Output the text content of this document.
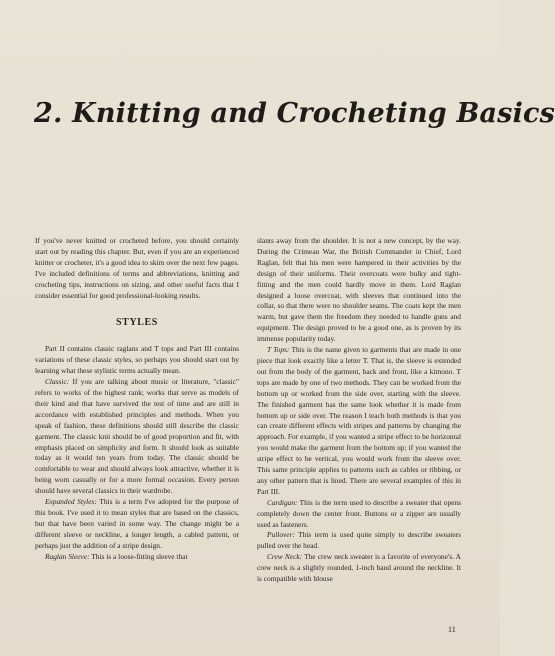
2. Knitting and Crocheting Basics

If you've never knitted or crocheted before, you should certainly start out by reading this chapter. But, even if you are an experienced knitter or crocheter, it's a good idea to skim over the next few pages. I've included definitions of terms and abbreviations, knitting and crocheting tips, instructions on sizing, and other useful facts that I consider essential for good professional-looking results.

STYLES

Part II contains classic raglans and T tops and Part III contains variations of these classic styles, so perhaps you should start out by learning what these stylistic terms actually mean.

Classic: If you are talking about music or literature, "classic" refers to works of the highest rank; works that serve as models of their kind and that have survived the test of time and are still in accordance with established principles and methods. When you speak of fashion, these definitions should still describe the classic garment. The classic knit should be of good proportion and fit, with emphasis placed on simplicity and form. It should look as suitable today as it would ten years from today. The classic should be comfortable to wear and should always look attractive, whether it is being worn casually or for a more formal occasion. Every person should have several classics in their wardrobe.

Expanded Styles: This is a term I've adopted for the purpose of this book. I've used it to mean styles that are based on the classics, but that have been varied in some way. The change might be a different sleeve or neckline, a longer length, a cabled pattern, or perhaps just the addition of a stripe design.

Raglan Sleeve: This is a loose-fitting sleeve that

slants away from the shoulder. It is not a new concept, by the way. During the Crimean War, the British Commander in Chief, Lord Raglan, felt that his men were hampered in their activities by the design of their uniforms. Their overcoats were bulky and tight-fitting and the men could hardly move in them. Lord Raglan designed a loose overcoat, with sleeves that continued into the collar, so that there were no shoulder seams. The coats kept the men warm, but gave them the freedom they needed to handle guns and equipment. The design proved to be a good one, as is proven by its immense popularity today.

T Tops: This is the name given to garments that are made in one piece that look exactly like a letter T. That is, the sleeve is extended out from the body of the garment, back and front, like a kimono. T tops are made by one of two methods. They can be worked from the bottom up or worked from the side over, starting with the sleeve. The finished garment has the same look whether it is made from bottom up or side over. The reason I teach both methods is that you can create different effects with stripes and patterns by changing the approach. For example, if you wanted a stripe effect to be horizontal you would make the garment from the bottom up; if you wanted the stripe effect to be vertical, you would work from the sleeve over. This same principle applies to patterns such as cables or ribbing, or any other pattern that is lined. There are several examples of this in Part III.

Cardigan: This is the term used to describe a sweater that opens completely down the center front. Buttons or a zipper are usually used as fasteners.

Pullover: This term is used quite simply to describe sweaters pulled over the head.

Crew Neck: The crew neck sweater is a favorite of everyone's. A crew neck is a slightly rounded, 1-inch band around the neckline. It is compatible with blouse

11
